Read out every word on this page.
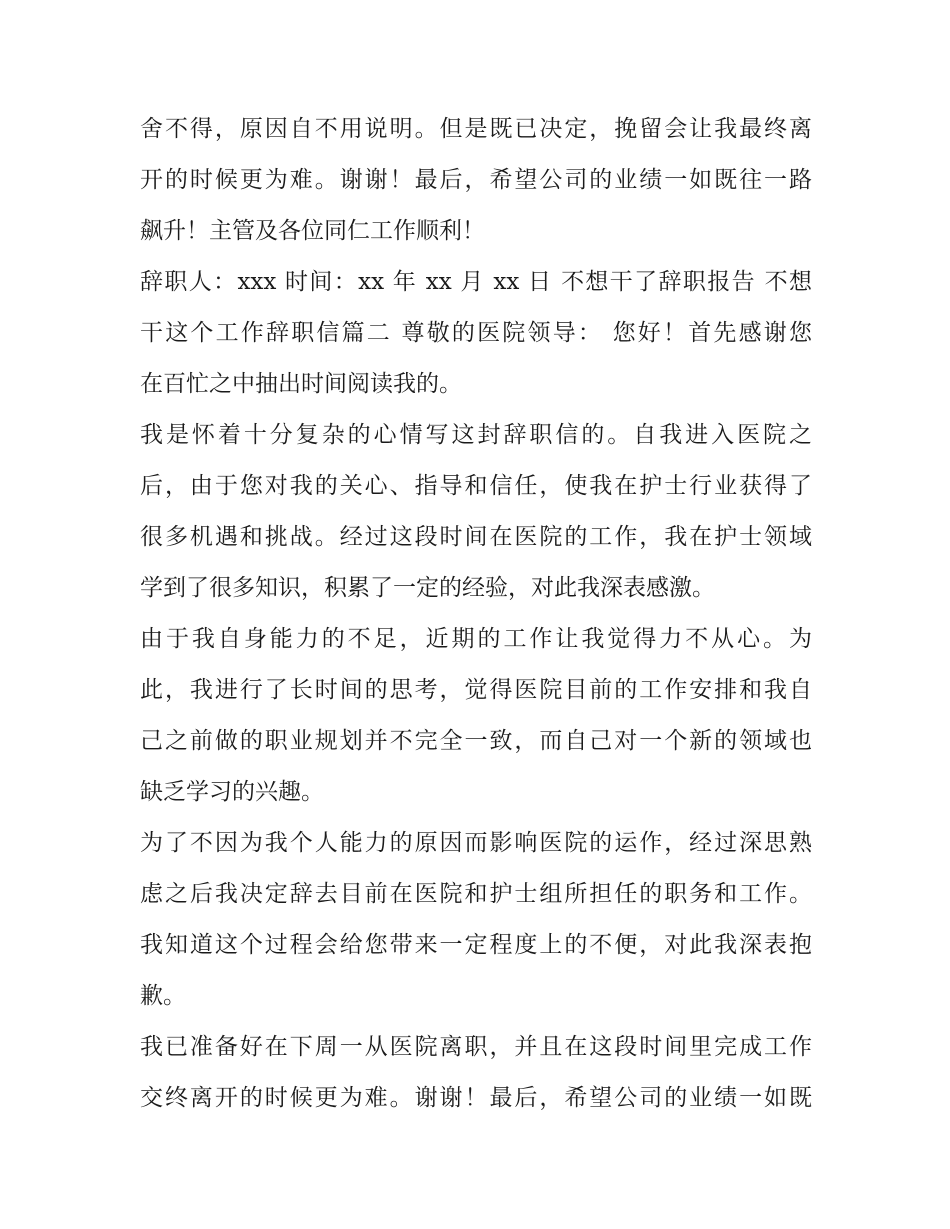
舍不得，原因自不用说明。但是既已决定，挽留会让我最终离
开的时候更为难。谢谢！最后，希望公司的业绩一如既往一路
飙升！主管及各位同仁工作顺利！
辞职人：xxx 时间：xx 年 xx 月 xx 日 不想干了辞职报告 不想
干这个工作辞职信篇二 尊敬的医院领导： 您好！首先感谢您
在百忙之中抽出时间阅读我的。
我是怀着十分复杂的心情写这封辞职信的。自我进入医院之
后，由于您对我的关心、指导和信任，使我在护士行业获得了
很多机遇和挑战。经过这段时间在医院的工作，我在护士领域
学到了很多知识，积累了一定的经验，对此我深表感激。
由于我自身能力的不足，近期的工作让我觉得力不从心。为
此，我进行了长时间的思考，觉得医院目前的工作安排和我自
己之前做的职业规划并不完全一致，而自己对一个新的领域也
缺乏学习的兴趣。
为了不因为我个人能力的原因而影响医院的运作，经过深思熟
虑之后我决定辞去目前在医院和护士组所担任的职务和工作。
我知道这个过程会给您带来一定程度上的不便，对此我深表抱
歉。
我已准备好在下周一从医院离职，并且在这段时间里完成工作
交终离开的时候更为难。谢谢！最后，希望公司的业绩一如既
